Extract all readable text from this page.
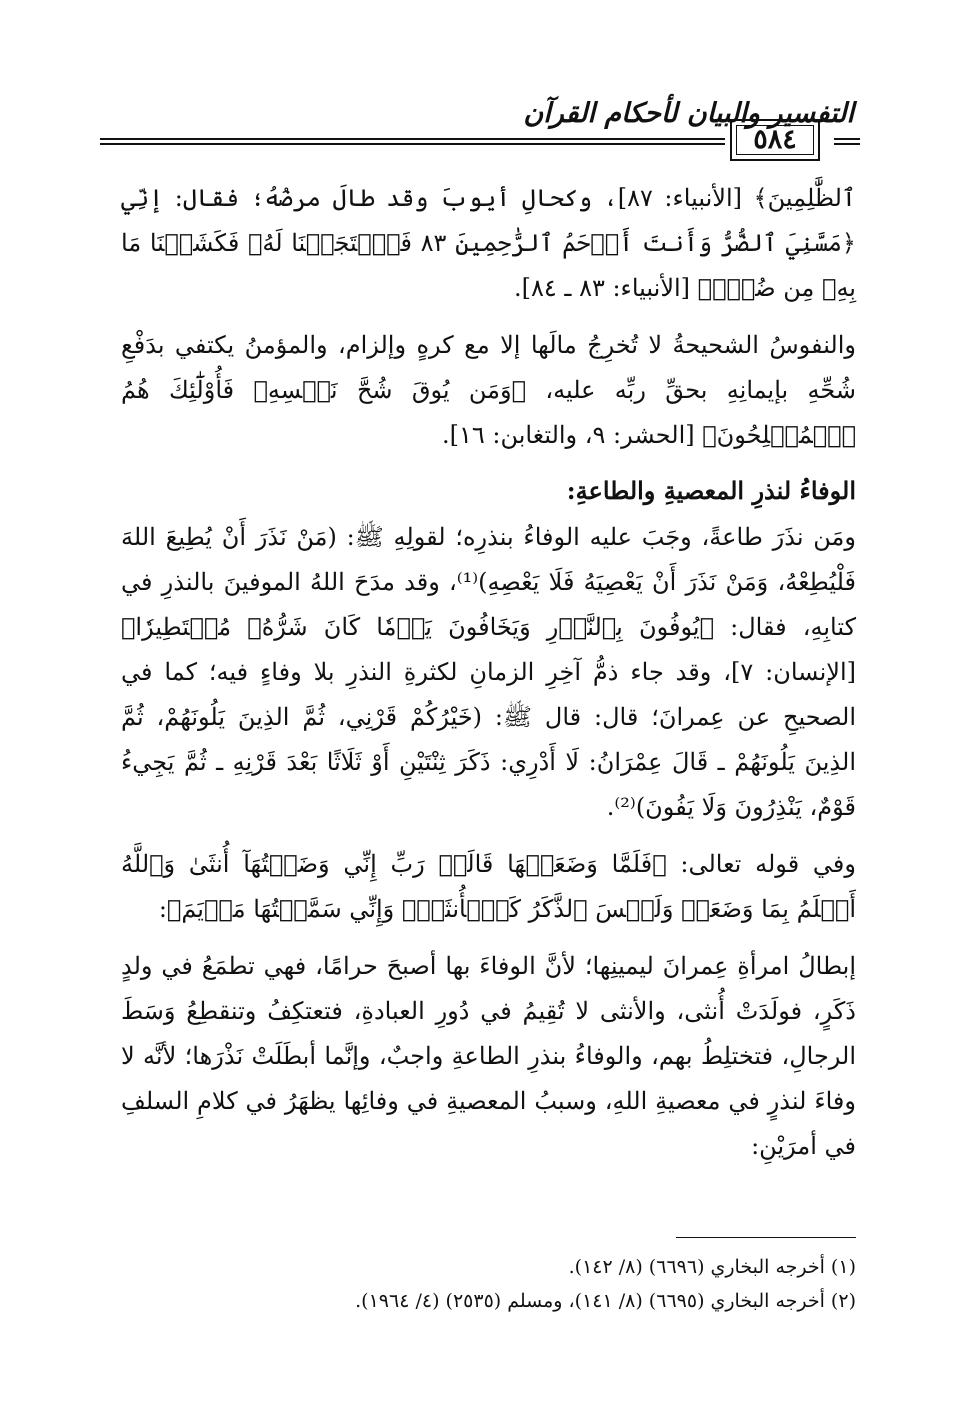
التفسير والبيان لأحكام القرآن
٥٨٤

ٱلظَّٰلِمِينَ﴾ [الأنبياء: ٨٧]، وكحالِ أيوبَ وقد طالَ مرضُهُ؛ فقال: إنِّي ﴿مَسَّنِيَ ٱلضُّرُّ وَأَنتَ أَرۡحَمُ ٱلرَّٰحِمِينَ ٨٣ فَٱسۡتَجَبۡنَا لَهُۥ فَكَشَفۡنَا مَا بِهِۦ مِن ضُرّٖ﴾ [الأنبياء: ٨٣ ـ ٨٤].

والنفوسُ الشحيحةُ لا تُخرِجُ مالَها إلا مع كرهٍ وإلزام، والمؤمنُ يكتفي بدَفْعِ شُحِّهِ بإيمانِهِ بحقِّ ربِّه عليه، ﴿وَمَن يُوقَ شُحَّ نَفۡسِهِۦ فَأُوْلَٰٓئِكَ هُمُ ٱلۡمُفۡلِحُونَ﴾ [الحشر: ٩، والتغابن: ١٦].

الوفاءُ لنذرِ المعصيةِ والطاعةِ:

ومَن نذَرَ طاعةً، وجَبَ عليه الوفاءُ بنذرِه؛ لقولِهِ ﷺ: (مَنْ نَذَرَ أَنْ يُطِيعَ اللهَ فَلْيُطِعْهُ، وَمَنْ نَذَرَ أَنْ يَعْصِيَهُ فَلَا يَعْصِهِ)⁽¹⁾، وقد مدَحَ اللهُ الموفينَ بالنذرِ في كتابِهِ، فقال: ﴿يُوفُونَ بِٱلنَّذۡرِ وَيَخَافُونَ يَوۡمٗا كَانَ شَرُّهُۥ مُسۡتَطِيرٗا﴾ [الإنسان: ٧]، وقد جاء ذمُّ آخِرِ الزمانِ لكثرةِ النذرِ بلا وفاءٍ فيه؛ كما في الصحيحِ عن عِمرانَ؛ قال: قال ﷺ: (خَيْرُكُمْ قَرْنِي، ثُمَّ الذِينَ يَلُونَهُمْ، ثُمَّ الذِينَ يَلُونَهُمْ ـ قَالَ عِمْرَانُ: لَا أَدْرِي: ذَكَرَ ثِنْتَيْنِ أَوْ ثَلَاثًا بَعْدَ قَرْنِهِ ـ ثُمَّ يَجِيءُ قَوْمٌ، يَنْذِرُونَ وَلَا يَفُونَ)⁽²⁾.

وفي قوله تعالى: ﴿فَلَمَّا وَضَعَتۡهَا قَالَتۡ رَبِّ إِنِّي وَضَعۡتُهَآ أُنثَىٰ وَٱللَّهُ أَعۡلَمُ بِمَا وَضَعَتۡ وَلَيۡسَ ٱلذَّكَرُ كَٱلۡأُنثَىٰۖ وَإِنِّي سَمَّيۡتُهَا مَرۡيَمَ﴾:

إبطالُ امرأةِ عِمرانَ ليمينِها؛ لأنَّ الوفاءَ بها أصبحَ حرامًا، فهي تطمَعُ في ولدٍ ذَكَرٍ، فولَدَتْ أُنثى، والأنثى لا تُقِيمُ في دُورِ العبادةِ، فتعتكِفُ وتنقطِعُ وَسَطَ الرجالِ، فتختلِطُ بهم، والوفاءُ بنذرِ الطاعةِ واجبٌ، وإنَّما أبطَلَتْ نَذْرَها؛ لأنَّه لا وفاءَ لنذرٍ في معصيةِ اللهِ، وسببُ المعصيةِ في وفائِها يظهَرُ في كلامِ السلفِ في أمرَيْنِ:

(١) أخرجه البخاري (٦٦٩٦) (٨/ ١٤٢).

(٢) أخرجه البخاري (٦٦٩٥) (٨/ ١٤١)، ومسلم (٢٥٣٥) (٤/ ١٩٦٤).
